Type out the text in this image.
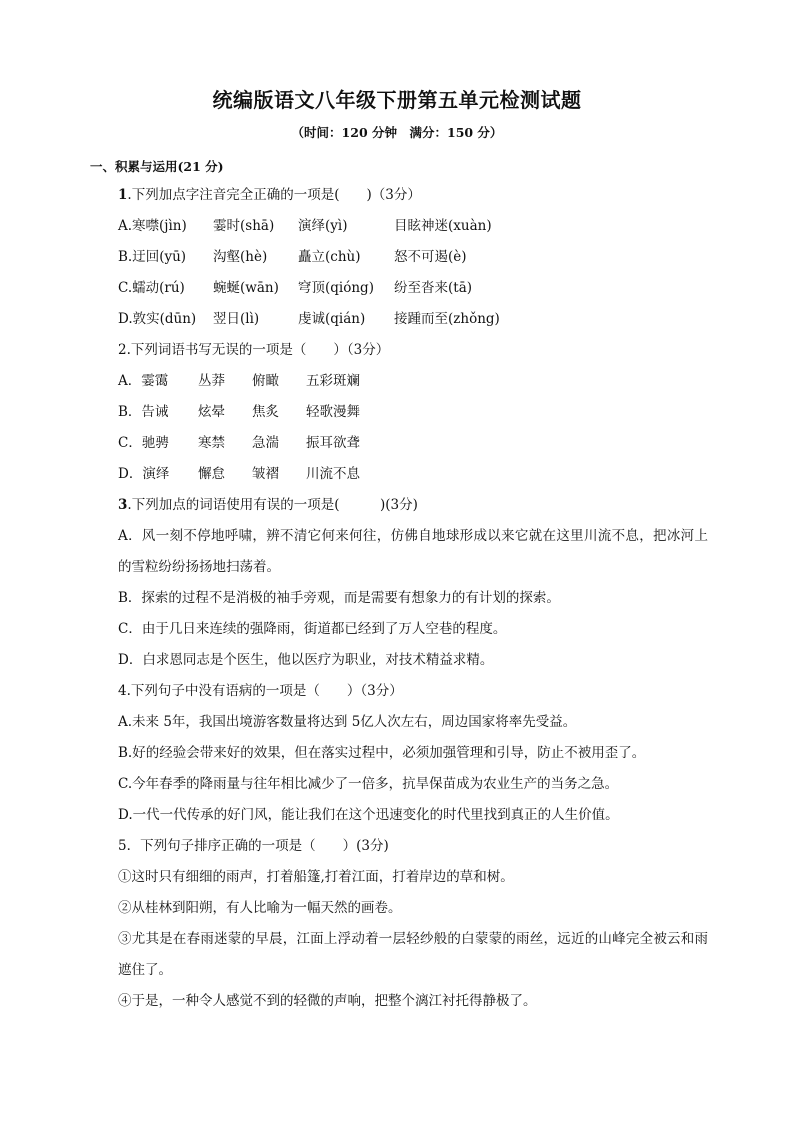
统编版语文八年级下册第五单元检测试题
（时间：120 分钟　满分：150 分）
一、积累与运用(21 分)
1.下列加点字注音完全正确的一项是(　　)（3分）
A.寒噤(jìn)	霎时(shā)	演绎(yì)	目眩神迷(xuàn)
B.迂回(yū)	沟壑(hè)	矗立(chù)	怒不可遏(è)
C.蠕动(rú)	蜿蜒(wān)	穹顶(qióng)	纷至沓来(tā)
D.敦实(dūn)	翌日(lì)	虔诚(qián)	接踵而至(zhǒng)
2.下列词语书写无误的一项是（　　）（3分）
A．霎霭	丛莽	俯瞰	五彩斑斓
B．告诫	炫晕	焦炙	轻歌漫舞
C．驰骋	寒禁	急湍	振耳欲聋
D．演绎	懈怠	皱褶	川流不息
3.下列加点的词语使用有误的一项是(　　　)(3分)
A．风一刻不停地呼啸，辨不清它何来何往，仿佛自地球形成以来它就在这里川流不息，把冰河上的雪粒纷纷扬扬地扫荡着。
B．探索的过程不是消极的袖手旁观，而是需要有想象力的有计划的探索。
C．由于几日来连续的强降雨，街道都已经到了万人空巷的程度。
D．白求恩同志是个医生，他以医疗为职业，对技术精益求精。
4.下列句子中没有语病的一项是（　　）（3分）
A.未来 5年，我国出境游客数量将达到 5亿人次左右，周边国家将率先受益。
B.好的经验会带来好的效果，但在落实过程中，必须加强管理和引导，防止不被用歪了。
C.今年春季的降雨量与往年相比减少了一倍多，抗旱保苗成为农业生产的当务之急。
D.一代一代传承的好门风，能让我们在这个迅速变化的时代里找到真正的人生价值。
5．下列句子排序正确的一项是（　　）(3分)
①这时只有细细的雨声，打着船篷,打着江面，打着岸边的草和树。
②从桂林到阳朔，有人比喻为一幅天然的画卷。
③尤其是在春雨迷蒙的早晨，江面上浮动着一层轻纱般的白蒙蒙的雨丝，远近的山峰完全被云和雨遮住了。
④于是，一种令人感觉不到的轻微的声响，把整个漓江衬托得静极了。
